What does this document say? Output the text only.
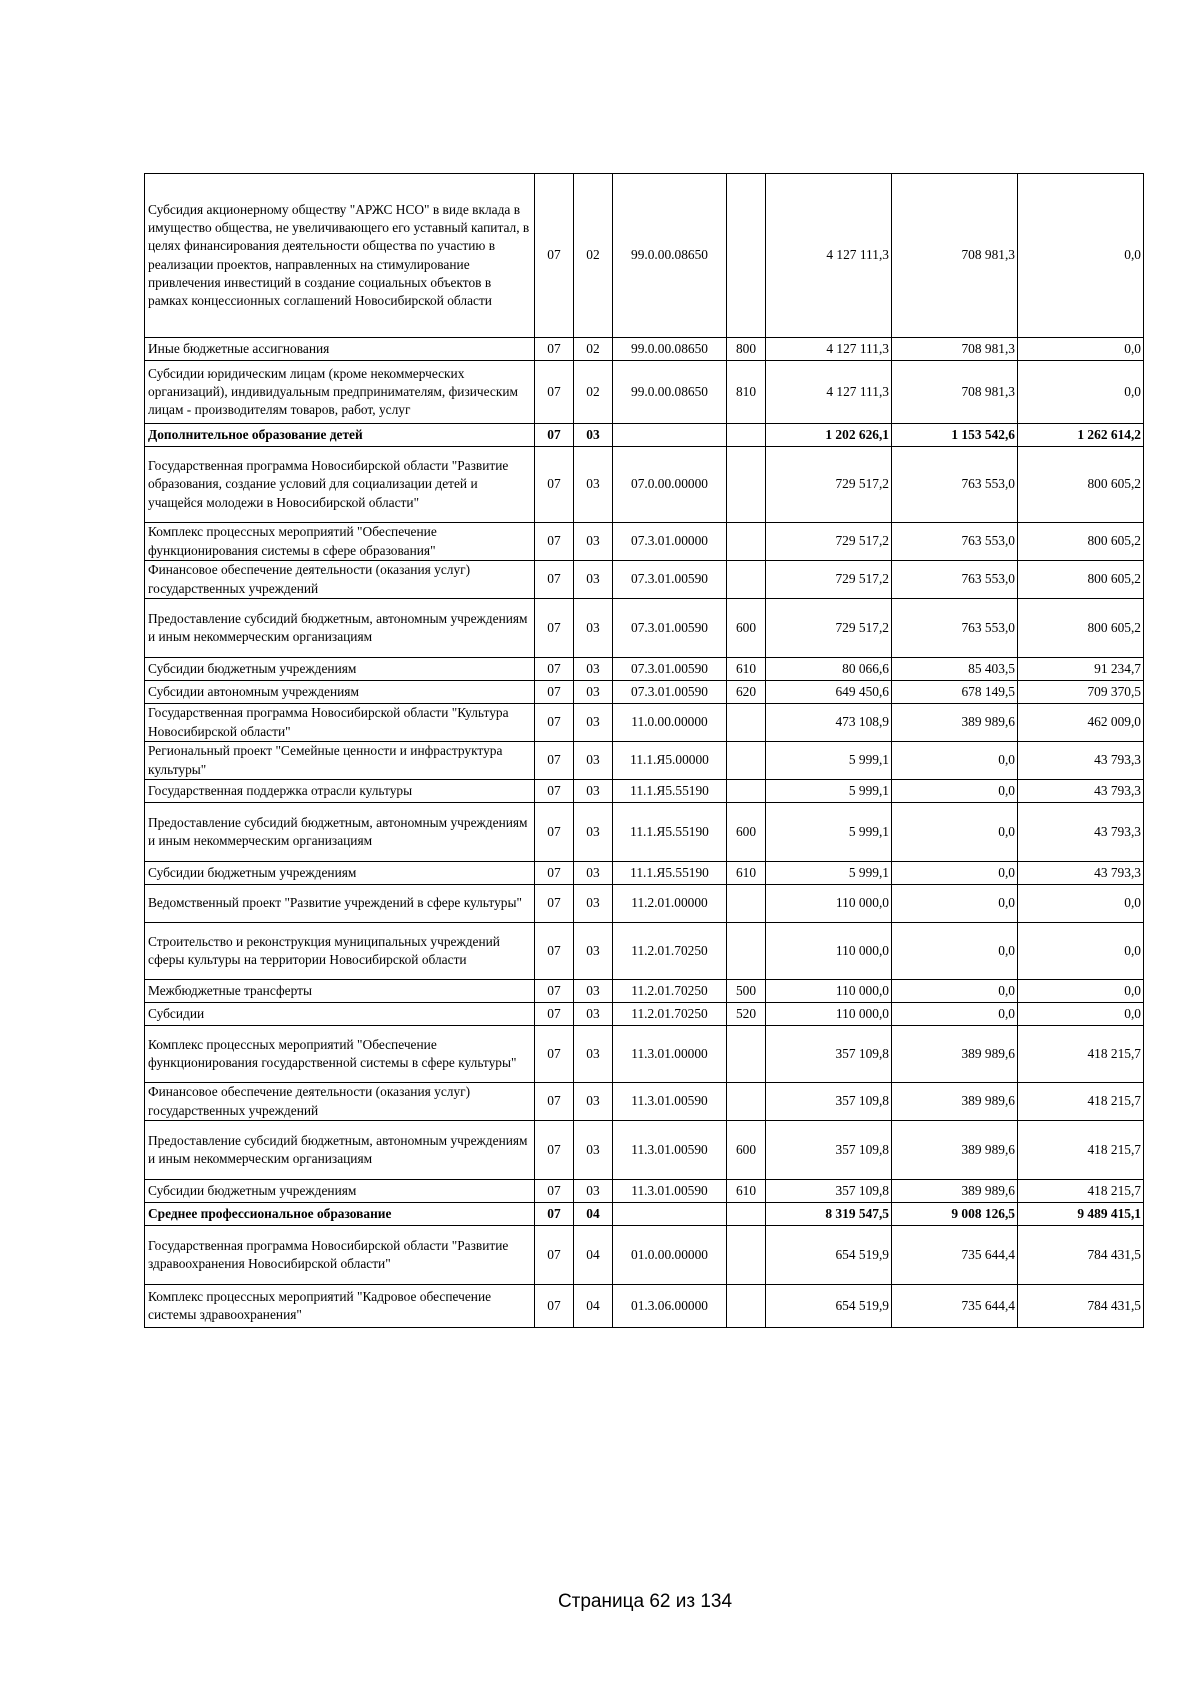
Субсидия акционерному обществу "АРЖС НСО" в виде вклада в имущество общества, не увеличивающего его уставный капитал, в целях финансирования деятельности общества по участию в реализации проектов, направленных на стимулирование привлечения инвестиций в создание социальных объектов в рамках концессионных соглашений Новосибирской области	07	02	99.0.00.08650		4 127 111,3	708 981,3	0,0
Иные бюджетные ассигнования	07	02	99.0.00.08650	800	4 127 111,3	708 981,3	0,0
Субсидии юридическим лицам (кроме некоммерческих организаций), индивидуальным предпринимателям, физическим лицам - производителям товаров, работ, услуг	07	02	99.0.00.08650	810	4 127 111,3	708 981,3	0,0
Дополнительное образование детей	07	03			1 202 626,1	1 153 542,6	1 262 614,2
Государственная программа Новосибирской области "Развитие образования, создание условий для социализации детей и учащейся молодежи в Новосибирской области"	07	03	07.0.00.00000		729 517,2	763 553,0	800 605,2
Комплекс процессных мероприятий "Обеспечение функционирования системы в сфере образования"	07	03	07.3.01.00000		729 517,2	763 553,0	800 605,2
Финансовое обеспечение деятельности (оказания услуг) государственных учреждений	07	03	07.3.01.00590		729 517,2	763 553,0	800 605,2
Предоставление субсидий бюджетным, автономным учреждениям и иным некоммерческим организациям	07	03	07.3.01.00590	600	729 517,2	763 553,0	800 605,2
Субсидии бюджетным учреждениям	07	03	07.3.01.00590	610	80 066,6	85 403,5	91 234,7
Субсидии автономным учреждениям	07	03	07.3.01.00590	620	649 450,6	678 149,5	709 370,5
Государственная программа Новосибирской области "Культура Новосибирской области"	07	03	11.0.00.00000		473 108,9	389 989,6	462 009,0
Региональный проект "Семейные ценности и инфраструктура культуры"	07	03	11.1.Я5.00000		5 999,1	0,0	43 793,3
Государственная поддержка отрасли культуры	07	03	11.1.Я5.55190		5 999,1	0,0	43 793,3
Предоставление субсидий бюджетным, автономным учреждениям и иным некоммерческим организациям	07	03	11.1.Я5.55190	600	5 999,1	0,0	43 793,3
Субсидии бюджетным учреждениям	07	03	11.1.Я5.55190	610	5 999,1	0,0	43 793,3
Ведомственный проект "Развитие учреждений в сфере культуры"	07	03	11.2.01.00000		110 000,0	0,0	0,0
Строительство и реконструкция муниципальных учреждений сферы культуры на территории Новосибирской области	07	03	11.2.01.70250		110 000,0	0,0	0,0
Межбюджетные трансферты	07	03	11.2.01.70250	500	110 000,0	0,0	0,0
Субсидии	07	03	11.2.01.70250	520	110 000,0	0,0	0,0
Комплекс процессных мероприятий "Обеспечение функционирования государственной системы в сфере культуры"	07	03	11.3.01.00000		357 109,8	389 989,6	418 215,7
Финансовое обеспечение деятельности (оказания услуг) государственных учреждений	07	03	11.3.01.00590		357 109,8	389 989,6	418 215,7
Предоставление субсидий бюджетным, автономным учреждениям и иным некоммерческим организациям	07	03	11.3.01.00590	600	357 109,8	389 989,6	418 215,7
Субсидии бюджетным учреждениям	07	03	11.3.01.00590	610	357 109,8	389 989,6	418 215,7
Среднее профессиональное образование	07	04			8 319 547,5	9 008 126,5	9 489 415,1
Государственная программа Новосибирской области "Развитие здравоохранения Новосибирской области"	07	04	01.0.00.00000		654 519,9	735 644,4	784 431,5
Комплекс процессных мероприятий "Кадровое обеспечение системы здравоохранения"	07	04	01.3.06.00000		654 519,9	735 644,4	784 431,5
Страница 62 из 134
